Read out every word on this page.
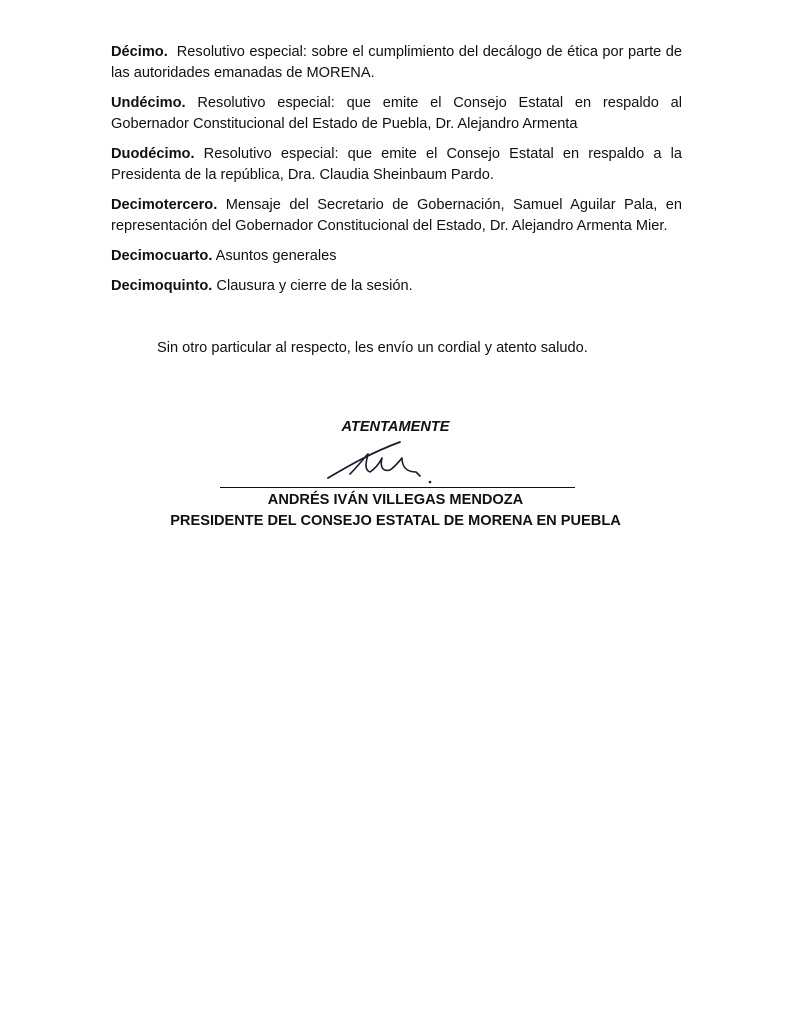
Décimo.  Resolutivo especial: sobre el cumplimiento del decálogo de ética por parte de las autoridades emanadas de MORENA.

Undécimo. Resolutivo especial: que emite el Consejo Estatal en respaldo al Gobernador Constitucional del Estado de Puebla, Dr. Alejandro Armenta

Duodécimo. Resolutivo especial: que emite el Consejo Estatal en respaldo a la Presidenta de la república, Dra. Claudia Sheinbaum Pardo.

Decimotercero. Mensaje del Secretario de Gobernación, Samuel Aguilar Pala, en representación del Gobernador Constitucional del Estado, Dr. Alejandro Armenta Mier.

Decimocuarto. Asuntos generales

Decimoquinto. Clausura y cierre de la sesión.

Sin otro particular al respecto, les envío un cordial y atento saludo.
ATENTAMENTE
ANDRÉS IVÁN VILLEGAS MENDOZA
PRESIDENTE DEL CONSEJO ESTATAL DE MORENA EN PUEBLA
